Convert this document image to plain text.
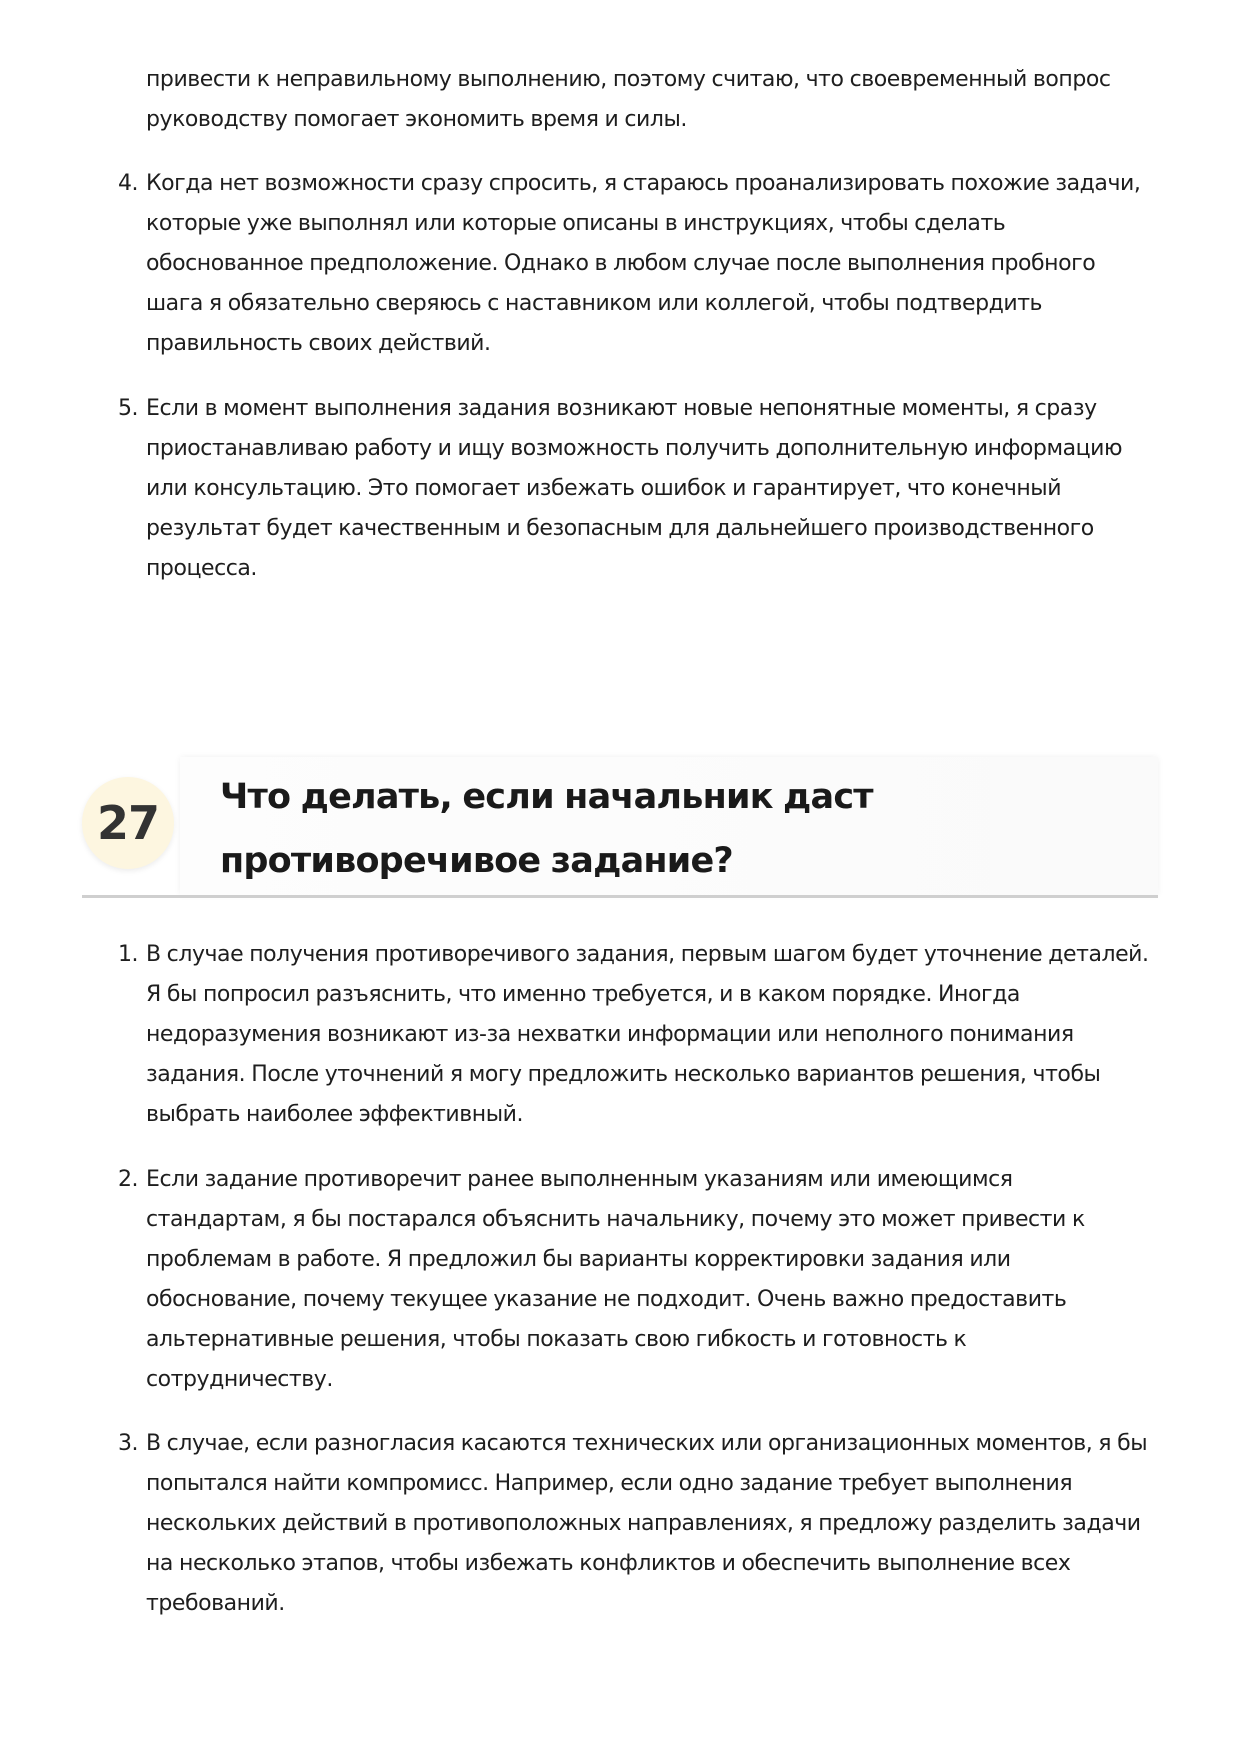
привести к неправильному выполнению, поэтому считаю, что своевременный вопрос руководству помогает экономить время и силы.
4. Когда нет возможности сразу спросить, я стараюсь проанализировать похожие задачи, которые уже выполнял или которые описаны в инструкциях, чтобы сделать обоснованное предположение. Однако в любом случае после выполнения пробного шага я обязательно сверяюсь с наставником или коллегой, чтобы подтвердить правильность своих действий.
5. Если в момент выполнения задания возникают новые непонятные моменты, я сразу приостанавливаю работу и ищу возможность получить дополнительную информацию или консультацию. Это помогает избежать ошибок и гарантирует, что конечный результат будет качественным и безопасным для дальнейшего производственного процесса.
27	Что делать, если начальник даст противоречивое задание?
1. В случае получения противоречивого задания, первым шагом будет уточнение деталей. Я бы попросил разъяснить, что именно требуется, и в каком порядке. Иногда недоразумения возникают из-за нехватки информации или неполного понимания задания. После уточнений я могу предложить несколько вариантов решения, чтобы выбрать наиболее эффективный.
2. Если задание противоречит ранее выполненным указаниям или имеющимся стандартам, я бы постарался объяснить начальнику, почему это может привести к проблемам в работе. Я предложил бы варианты корректировки задания или обоснование, почему текущее указание не подходит. Очень важно предоставить альтернативные решения, чтобы показать свою гибкость и готовность к сотрудничеству.
3. В случае, если разногласия касаются технических или организационных моментов, я бы попытался найти компромисс. Например, если одно задание требует выполнения нескольких действий в противоположных направлениях, я предложу разделить задачи на несколько этапов, чтобы избежать конфликтов и обеспечить выполнение всех требований.
